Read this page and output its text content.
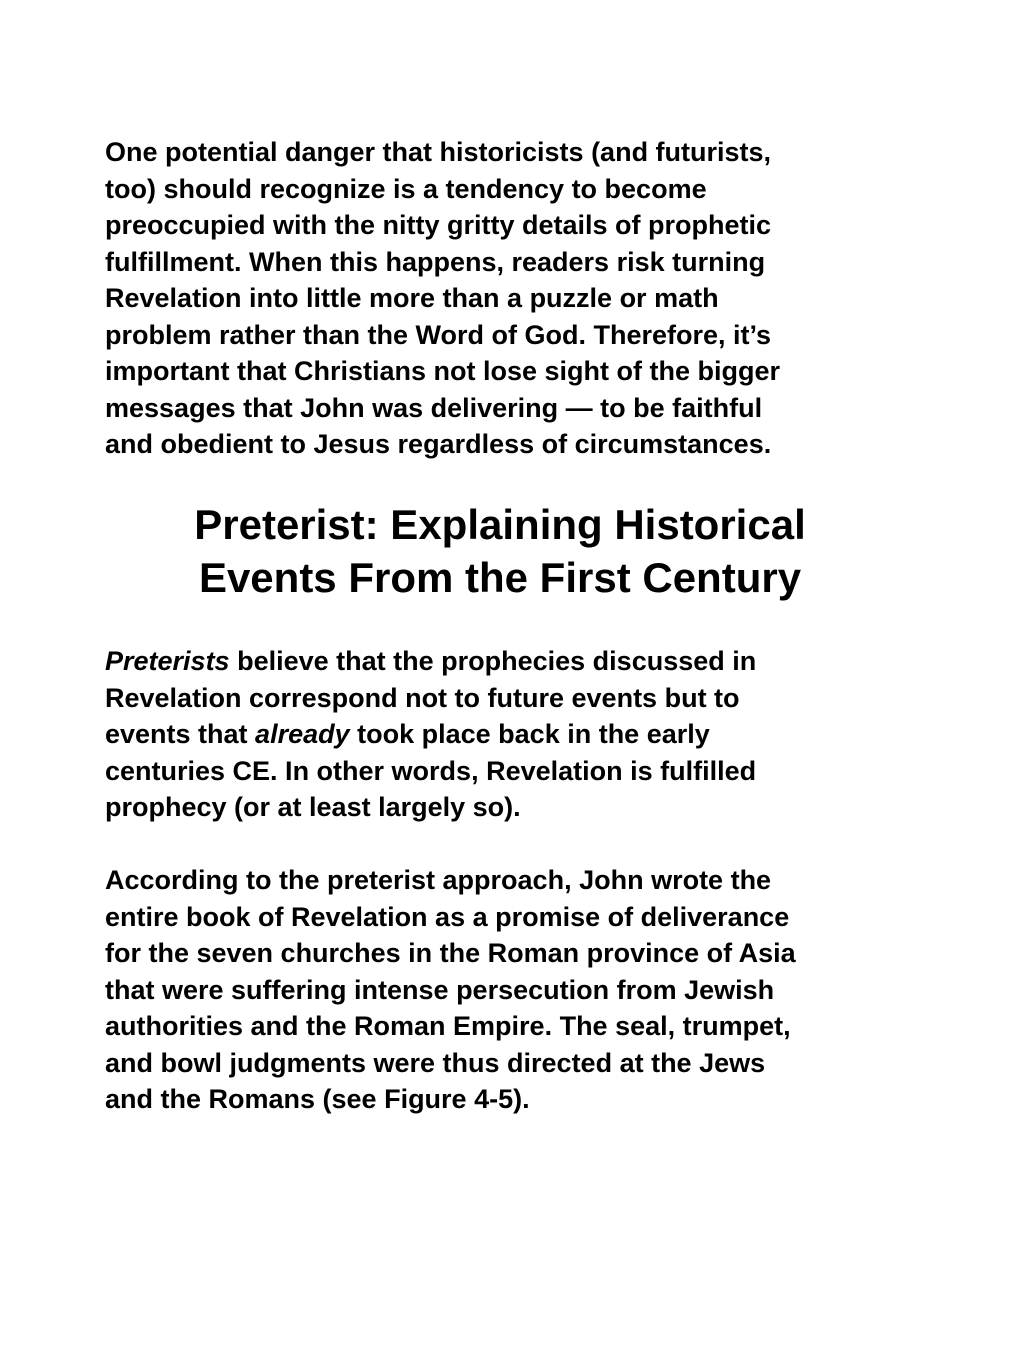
One potential danger that historicists (and futurists,
too) should recognize is a tendency to become
preoccupied with the nitty gritty details of prophetic
fulfillment. When this happens, readers risk turning
Revelation into little more than a puzzle or math
problem rather than the Word of God. Therefore, it’s
important that Christians not lose sight of the bigger
messages that John was delivering — to be faithful
and obedient to Jesus regardless of circumstances.

Preterist: Explaining Historical
Events From the First Century

Preterists believe that the prophecies discussed in
Revelation correspond not to future events but to
events that already took place back in the early
centuries CE. In other words, Revelation is fulfilled
prophecy (or at least largely so).

According to the preterist approach, John wrote the
entire book of Revelation as a promise of deliverance
for the seven churches in the Roman province of Asia
that were suffering intense persecution from Jewish
authorities and the Roman Empire. The seal, trumpet,
and bowl judgments were thus directed at the Jews
and the Romans (see Figure 4-5).
